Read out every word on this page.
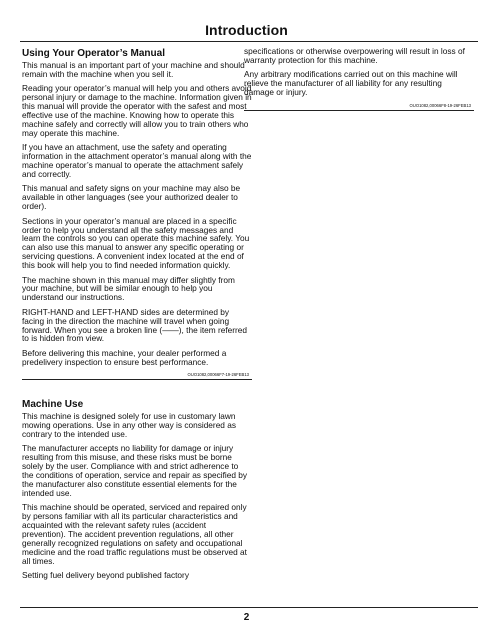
Introduction
Using Your Operator’s Manual

This manual is an important part of your machine and should remain with the machine when you sell it.

Reading your operator’s manual will help you and others avoid personal injury or damage to the machine. Information given in this manual will provide the operator with the safest and most effective use of the machine. Knowing how to operate this machine safely and correctly will allow you to train others who may operate this machine.

If you have an attachment, use the safety and operating information in the attachment operator’s manual along with the machine operator’s manual to operate the attachment safely and correctly.

This manual and safety signs on your machine may also be available in other languages (see your authorized dealer to order).

Sections in your operator’s manual are placed in a specific order to help you understand all the safety messages and learn the controls so you can operate this machine safely. You can also use this manual to answer any specific operating or servicing questions. A convenient index located at the end of this book will help you to find needed information quickly.

The machine shown in this manual may differ slightly from your machine, but will be similar enough to help you understand our instructions.

RIGHT-HAND and LEFT-HAND sides are determined by facing in the direction the machine will travel when going forward. When you see a broken line (——), the item referred to is hidden from view.

Before delivering this machine, your dealer performed a predelivery inspection to ensure best performance.

OUO1082,00066F7-19-26FEB13
Machine Use

This machine is designed solely for use in customary lawn mowing operations. Use in any other way is considered as contrary to the intended use.

The manufacturer accepts no liability for damage or injury resulting from this misuse, and these risks must be borne solely by the user. Compliance with and strict adherence to the conditions of operation, service and repair as specified by the manufacturer also constitute essential elements for the intended use.

This machine should be operated, serviced and repaired only by persons familiar with all its particular characteristics and acquainted with the relevant safety rules (accident prevention). The accident prevention regulations, all other generally recognized regulations on safety and occupational medicine and the road traffic regulations must be observed at all times.

Setting fuel delivery beyond published factory

specifications or otherwise overpowering will result in loss of warranty protection for this machine.

Any arbitrary modifications carried out on this machine will relieve the manufacturer of all liability for any resulting damage or injury.

OUO1082,00066F8-19-26FEB13
2
